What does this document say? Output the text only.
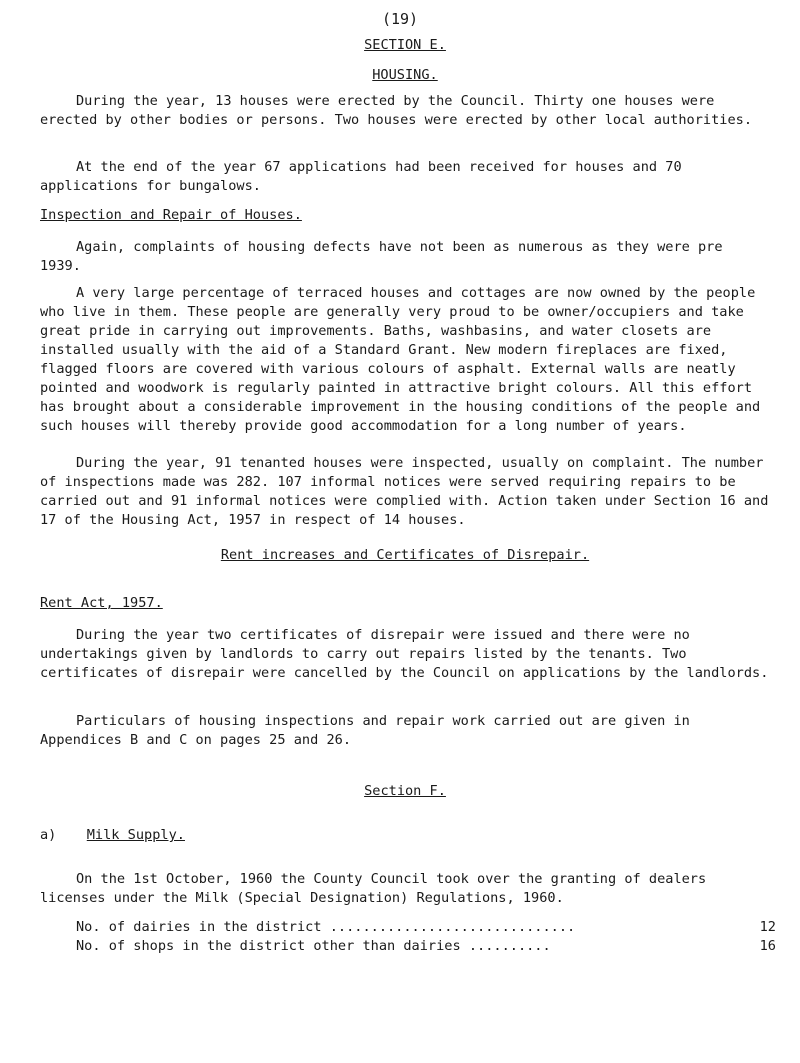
(19)
SECTION E.
HOUSING.

During the year, 13 houses were erected by the Council. Thirty one houses were erected by other bodies or persons. Two houses were erected by other local authorities.

At the end of the year 67 applications had been received for houses and 70 applications for bungalows.

Inspection and Repair of Houses.

Again, complaints of housing defects have not been as numerous as they were pre 1939.

A very large percentage of terraced houses and cottages are now owned by the people who live in them. These people are generally very proud to be owner/occupiers and take great pride in carrying out improvements. Baths, washbasins, and water closets are installed usually with the aid of a Standard Grant. New modern fireplaces are fixed, flagged floors are covered with various colours of asphalt. External walls are neatly pointed and woodwork is regularly painted in attractive bright colours. All this effort has brought about a considerable improvement in the housing conditions of the people and such houses will thereby provide good accommodation for a long number of years.

During the year, 91 tenanted houses were inspected, usually on complaint. The number of inspections made was 282. 107 informal notices were served requiring repairs to be carried out and 91 informal notices were complied with. Action taken under Section 16 and 17 of the Housing Act, 1957 in respect of 14 houses.

Rent increases and Certificates of Disrepair.
Rent Act, 1957.

During the year two certificates of disrepair were issued and there were no undertakings given by landlords to carry out repairs listed by the tenants. Two certificates of disrepair were cancelled by the Council on applications by the landlords.

Particulars of housing inspections and repair work carried out are given in Appendices B and C on pages 25 and 26.

Section F.
a) Milk Supply.

On the 1st October, 1960 the County Council took over the granting of dealers licenses under the Milk (Special Designation) Regulations, 1960.

No. of dairies in the district ..............................	12
No. of shops in the district other than dairies ..........	16
